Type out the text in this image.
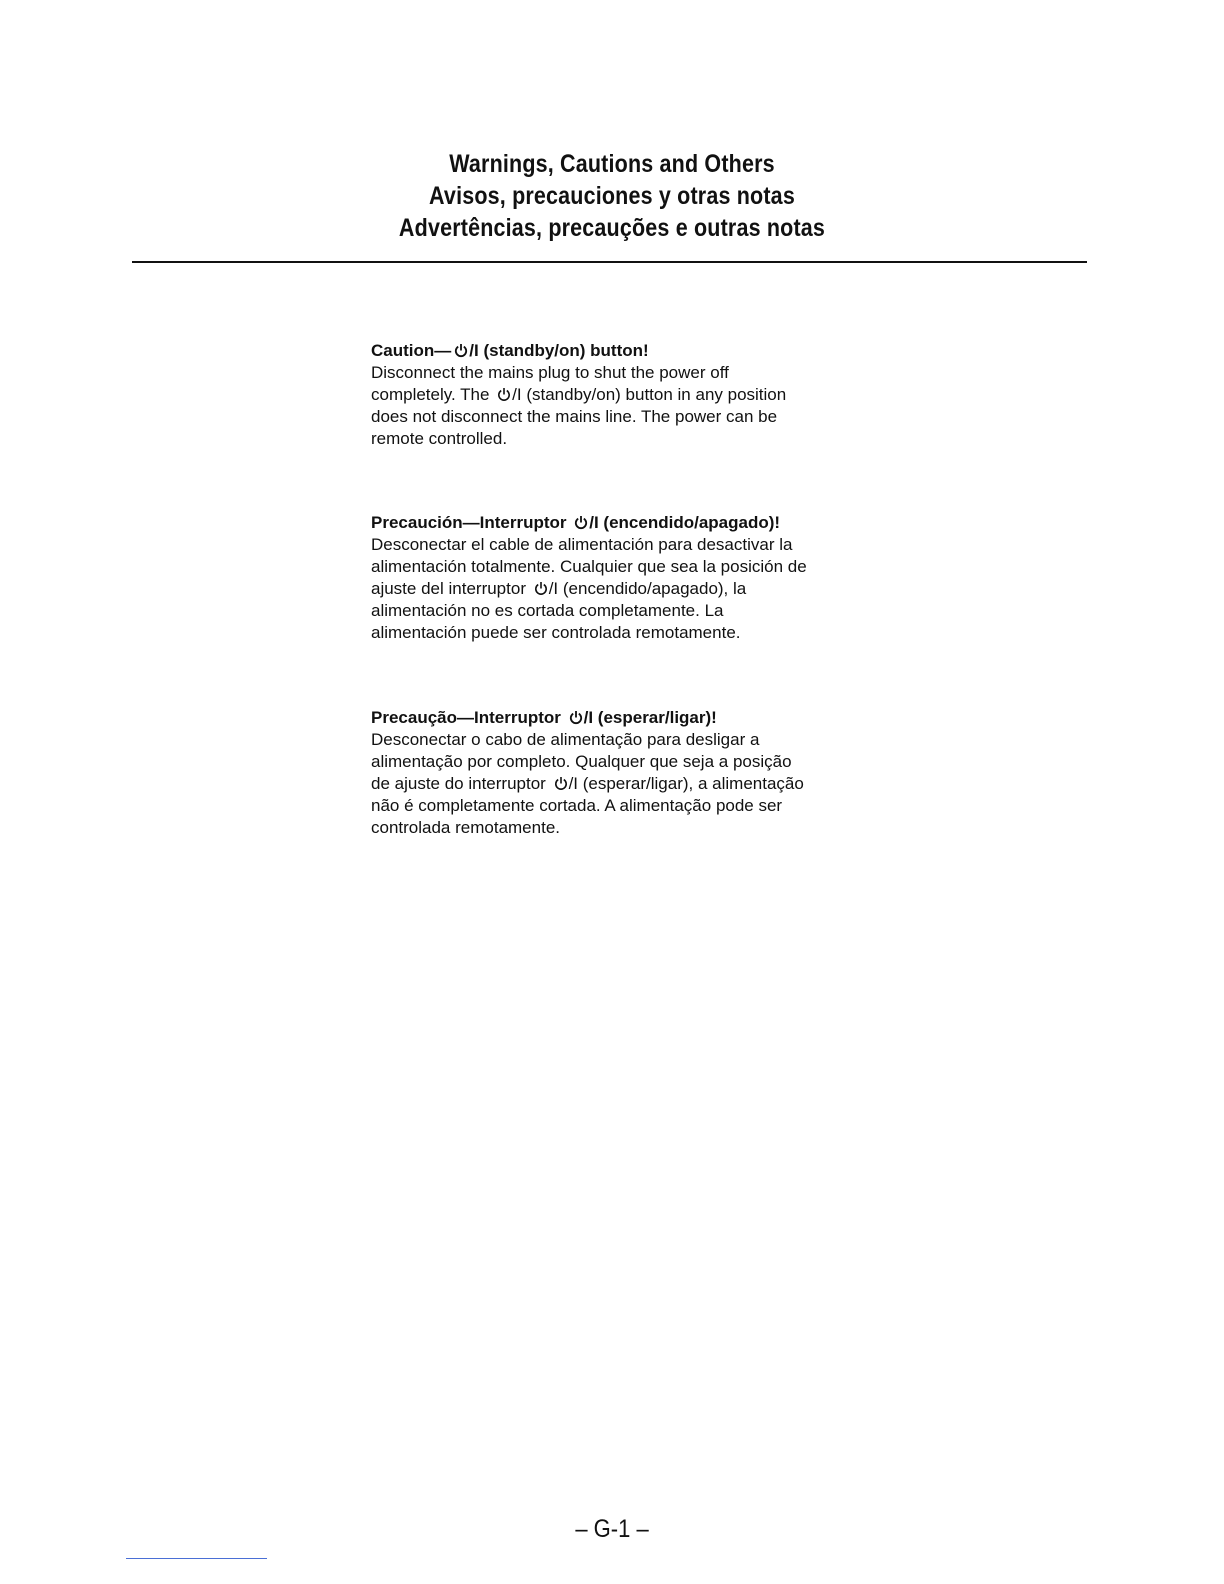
Warnings, Cautions and Others
Avisos, precauciones y otras notas
Advertências, precauções e outras notas
Caution— /I (standby/on) button!
Disconnect the mains plug to shut the power off
completely. The
/I (standby/on) button in any position
does not disconnect the mains line. The power can be
remote controlled.
Precaución—Interruptor
/I (encendido/apagado)!
Desconectar el cable de alimentación para desactivar la
alimentación totalmente. Cualquier que sea la posición de
ajuste del interruptor
/I (encendido/apagado), la
alimentación no es cortada completamente. La
alimentación puede ser controlada remotamente.
Precaução—Interruptor
/I (esperar/ligar)!
Desconectar o cabo de alimentação para desligar a
alimentação por completo. Qualquer que seja a posição
de ajuste do interruptor
/I (esperar/ligar), a alimentação
não é completamente cortada. A alimentação pode ser
controlada remotamente.
– G-1 –
